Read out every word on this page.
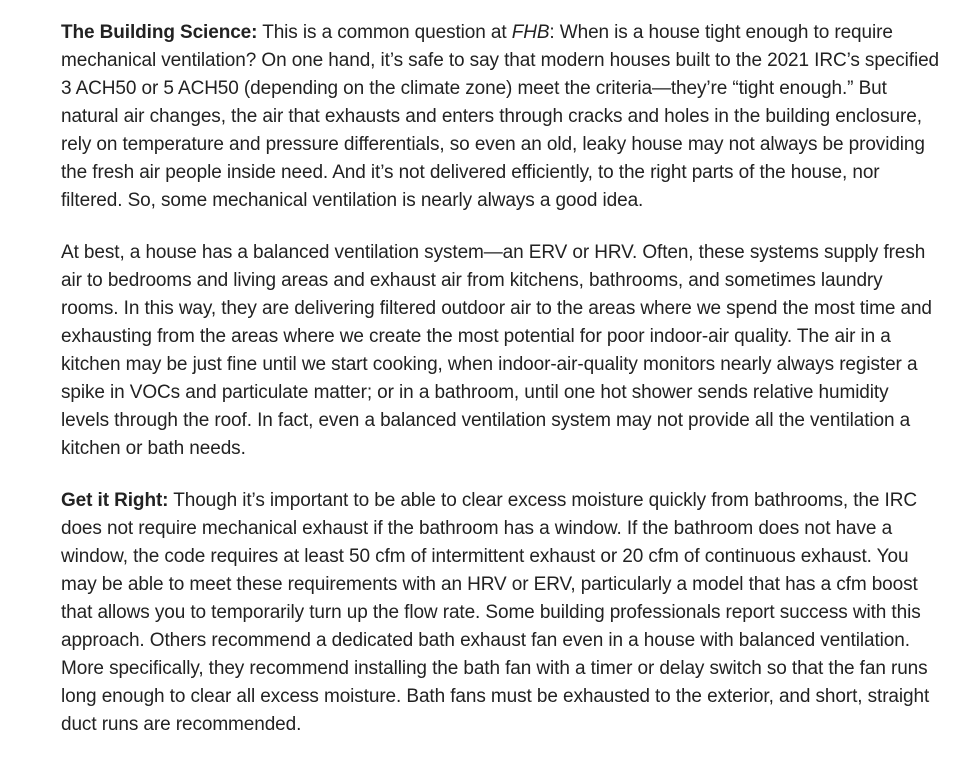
The Building Science: This is a common question at FHB: When is a house tight enough to require mechanical ventilation? On one hand, it’s safe to say that modern houses built to the 2021 IRC’s specified 3 ACH50 or 5 ACH50 (depending on the climate zone) meet the criteria—they’re “tight enough.” But natural air changes, the air that exhausts and enters through cracks and holes in the building enclosure, rely on temperature and pressure differentials, so even an old, leaky house may not always be providing the fresh air people inside need. And it’s not delivered efficiently, to the right parts of the house, nor filtered. So, some mechanical ventilation is nearly always a good idea.

At best, a house has a balanced ventilation system—an ERV or HRV. Often, these systems supply fresh air to bedrooms and living areas and exhaust air from kitchens, bathrooms, and sometimes laundry rooms. In this way, they are delivering filtered outdoor air to the areas where we spend the most time and exhausting from the areas where we create the most potential for poor indoor-air quality. The air in a kitchen may be just fine until we start cooking, when indoor-air-quality monitors nearly always register a spike in VOCs and particulate matter; or in a bathroom, until one hot shower sends relative humidity levels through the roof. In fact, even a balanced ventilation system may not provide all the ventilation a kitchen or bath needs.

Get it Right: Though it’s important to be able to clear excess moisture quickly from bathrooms, the IRC does not require mechanical exhaust if the bathroom has a window. If the bathroom does not have a window, the code requires at least 50 cfm of intermittent exhaust or 20 cfm of continuous exhaust. You may be able to meet these requirements with an HRV or ERV, particularly a model that has a cfm boost that allows you to temporarily turn up the flow rate. Some building professionals report success with this approach. Others recommend a dedicated bath exhaust fan even in a house with balanced ventilation. More specifically, they recommend installing the bath fan with a timer or delay switch so that the fan runs long enough to clear all excess moisture. Bath fans must be exhausted to the exterior, and short, straight duct runs are recommended.
